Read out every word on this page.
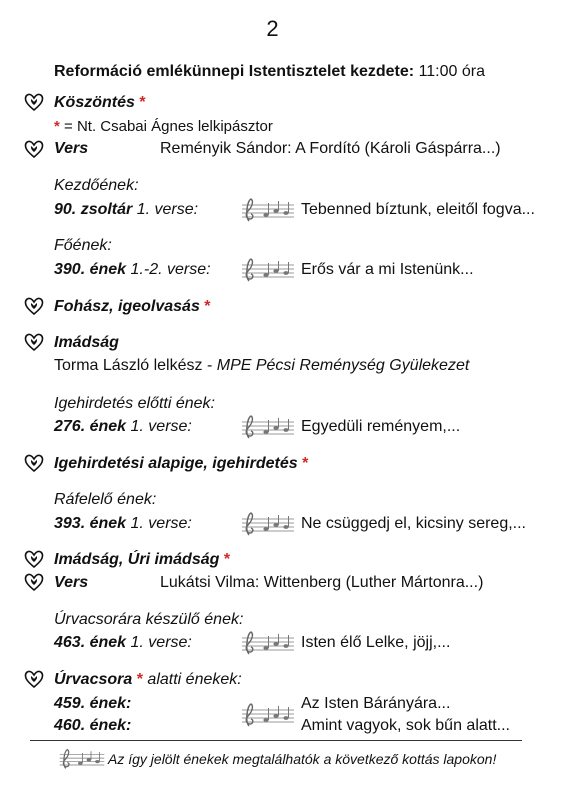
2
Reformáció emlékünnepi Istentisztelet kezdete: 11:00 óra
Köszöntés *
* = Nt. Csabai Ágnes lelkipásztor
Vers	Reményik Sándor: A Fordító (Károli Gáspárra...)
Kezdőének:
90. zsoltár 1. verse:	Tebenned bíztunk, eleitől fogva...
Főének:
390. ének 1.-2. verse:	Erős vár a mi Istenünk...
Fohász, igeolvasás *
Imádság
Torma László lelkész - MPE Pécsi Reménység Gyülekezet
Igehirdetés előtti ének:
276. ének 1. verse:	Egyedüli reményem,...
Igehirdetési alapige, igehirdetés *
Ráfelelő ének:
393. ének 1. verse:	Ne csüggedj el, kicsiny sereg,...
Imádság, Úri imádság *
Vers	Lukátsi Vilma: Wittenberg (Luther Mártonra...)
Úrvacsorára készülő ének:
463. ének 1. verse:	Isten élő Lelke, jöjj,...
Úrvacsora * alatti énekek:
459. ének:	Az Isten Bárányára...
460. ének:	Amint vagyok, sok bűn alatt...
Az így jelölt énekek megtalálhatók a következő kottás lapokon!
